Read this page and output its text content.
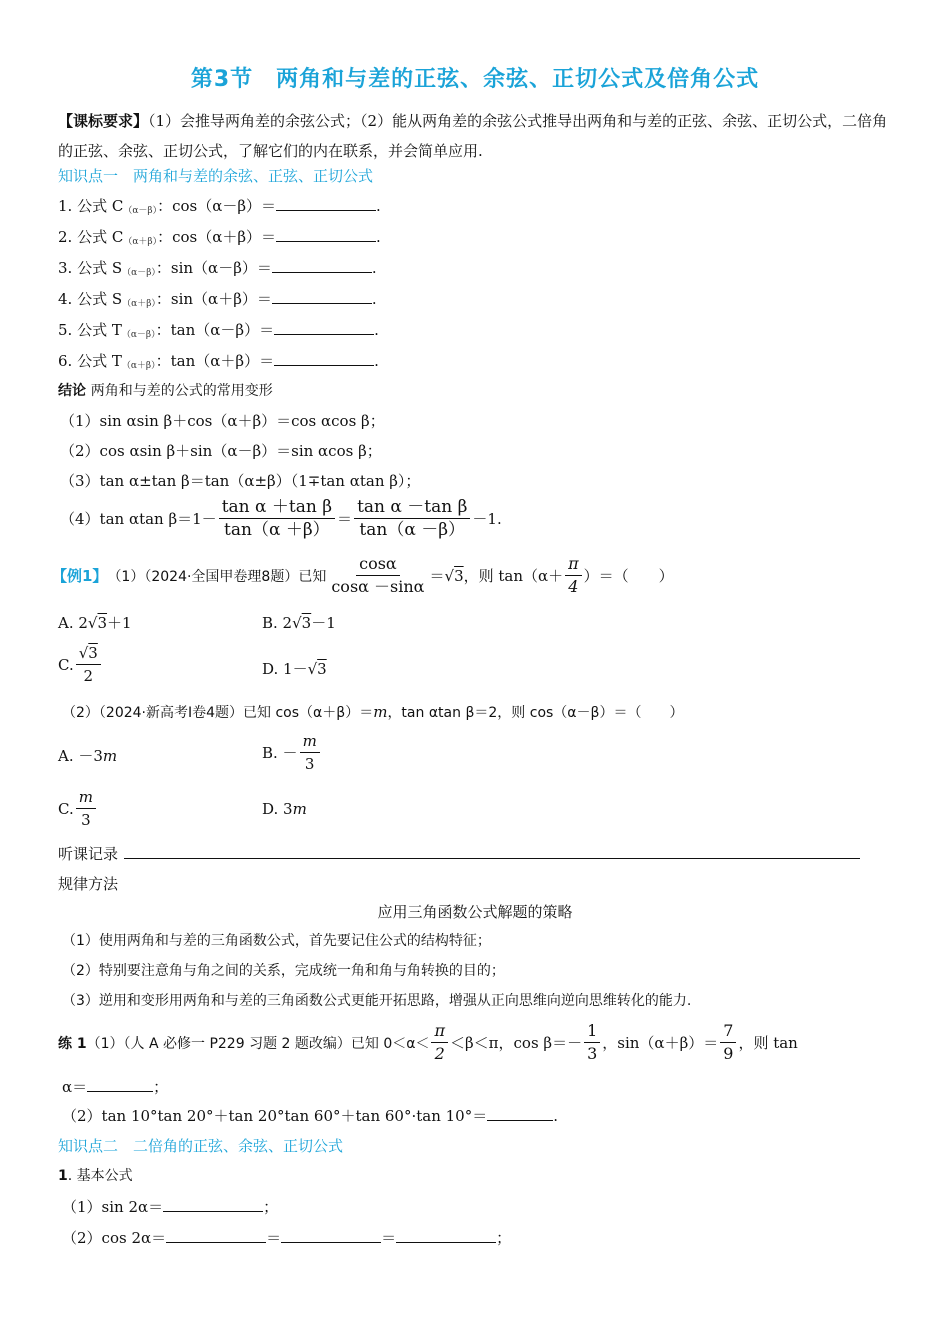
第3节　两角和与差的正弦、余弦、正切公式及倍角公式
【课标要求】（1）会推导两角差的余弦公式；（2）能从两角差的余弦公式推导出两角和与差的正弦、余弦、正切公式，二倍角的正弦、余弦、正切公式，了解它们的内在联系，并会简单应用.
知识点一　两角和与差的余弦、正弦、正切公式
1. 公式 $C_{(\alpha-\beta)}$：cos（α－β）＝	.
2. 公式 $C_{(\alpha+\beta)}$：cos（α＋β）＝	.
3. 公式 $S_{(\alpha-\beta)}$：sin（α－β）＝	.
4. 公式 $S_{(\alpha+\beta)}$：sin（α＋β）＝	.
5. 公式 $T_{(\alpha-\beta)}$：tan（α－β）＝	.
6. 公式 $T_{(\alpha+\beta)}$：tan（α＋β）＝	.
结论 两角和与差的公式的常用变形
（1）sin αsin β＋cos（α＋β）＝cos αcos β；
（2）cos αsin β＋sin（α－β）＝sin αcos β；
（3）tan α±tan β＝tan（α±β）（1∓tan αtan β）；
（4）tan αtan $\beta=1- \frac{\text{tan α ＋tan β}}{\tan(\alpha +\beta)} = \frac{\text{tan α －tan β}}{\tan(\alpha -\beta)} -1$.
【例1】 （1）（2024·全国甲卷理8题）已知 $\frac{\cos\alpha}{\cos\alpha -\sin\alpha} = √3$ ，则 $\tan(\alpha+ \frac{\pi}{4}$ ）＝（　　）
A. 2√3＋1	B. 2√3－1
C. $\frac{√3}{2}$	D. 1－√3
（2）（2024·新高考Ⅰ卷4题）已知 cos（α＋β）＝m，tan αtan β＝2，则 cos（α－β）＝（　　）
A. －3m	B. － $\frac{m}{3}$
C. $\frac{m}{3}$	D. 3m
听课记录
规律方法
应用三角函数公式解题的策略
（1）使用两角和与差的三角函数公式，首先要记住公式的结构特征；
（2）特别要注意角与角之间的关系，完成统一角和角与角转换的目的；
（3）逆用和变形用两角和与差的三角函数公式更能开拓思路，增强从正向思维向逆向思维转化的能力.
练 1 （1）（人 A 必修一 P229 习题 2 题改编）已知 $0<\alpha< \frac{\pi}{2} <\beta<\pi$，$\cos \beta=- \frac{1}{3}$ ，$\sin(\alpha+\beta)= \frac{7}{9}$ ，则 tan
α＝	；
（2）tan 10°tan 20°＋tan 20°tan 60°＋tan 60°·tan 10°＝	.
知识点二　二倍角的正弦、余弦、正切公式
1. 基本公式
（1）sin 2α＝	；
（2）cos 2α＝	＝	＝	；
